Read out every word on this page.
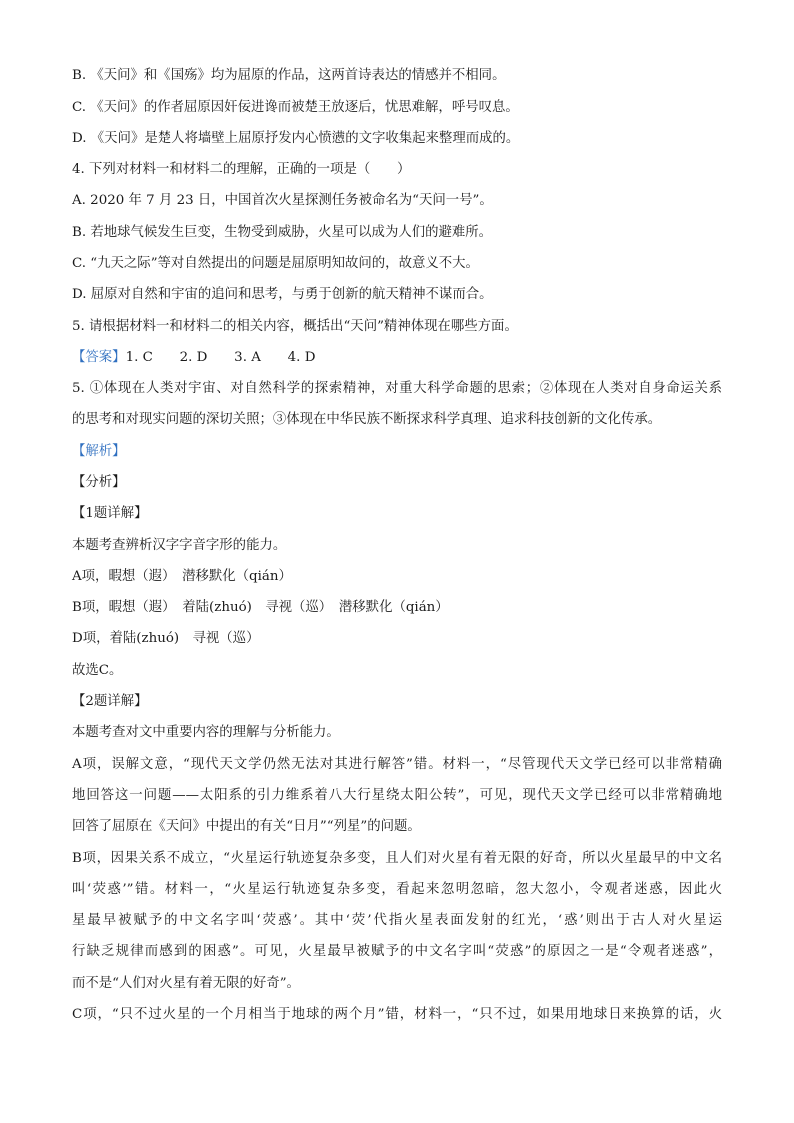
B. 《天问》和《国殇》均为屈原的作品，这两首诗表达的情感并不相同。
C. 《天问》的作者屈原因奸佞进谗而被楚王放逐后，忧思难解，呼号叹息。
D. 《天问》是楚人将墙壁上屈原抒发内心愤懑的文字收集起来整理而成的。
4. 下列对材料一和材料二的理解，正确的一项是（　　）
A. 2020 年 7 月 23 日，中国首次火星探测任务被命名为“天问一号”。
B. 若地球气候发生巨变，生物受到威胁，火星可以成为人们的避难所。
C. “九天之际”等对自然提出的问题是屈原明知故问的，故意义不大。
D. 屈原对自然和宇宙的追问和思考，与勇于创新的航天精神不谋而合。
5. 请根据材料一和材料二的相关内容，概括出“天问”精神体现在哪些方面。
【答案】1. C　　2. D　　3. A　　4. D
5. ①体现在人类对宇宙、对自然科学的探索精神，对重大科学命题的思索；②体现在人类对自身命运关系
的思考和对现实问题的深切关照；③体现在中华民族不断探求科学真理、追求科技创新的文化传承。
【解析】
【分析】
【1题详解】
本题考查辨析汉字字音字形的能力。
A项，暇想（遐）　潜移默化（qián）
B项，暇想（遐）　着陆(zhuó)　寻视（巡）　潜移默化（qián）
D项，着陆(zhuó)　寻视（巡）
故选C。
【2题详解】
本题考查对文中重要内容的理解与分析能力。
A项，误解文意，“现代天文学仍然无法对其进行解答”错。材料一，“尽管现代天文学已经可以非常精确
地回答这一问题——太阳系的引力维系着八大行星绕太阳公转”，可见，现代天文学已经可以非常精确地
回答了屈原在《天问》中提出的有关“日月”“列星”的问题。
B项，因果关系不成立，“火星运行轨迹复杂多变，且人们对火星有着无限的好奇，所以火星最早的中文名
叫‘荧惑’”错。材料一，“火星运行轨迹复杂多变，看起来忽明忽暗，忽大忽小，令观者迷惑，因此火
星最早被赋予的中文名字叫‘荧惑’。其中‘荧’代指火星表面发射的红光，‘惑’则出于古人对火星运
行缺乏规律而感到的困惑”。可见，火星最早被赋予的中文名字叫“荧惑”的原因之一是“令观者迷惑”，
而不是“人们对火星有着无限的好奇”。
C项，“只不过火星的一个月相当于地球的两个月”错，材料一，“只不过，如果用地球日来换算的话，火
